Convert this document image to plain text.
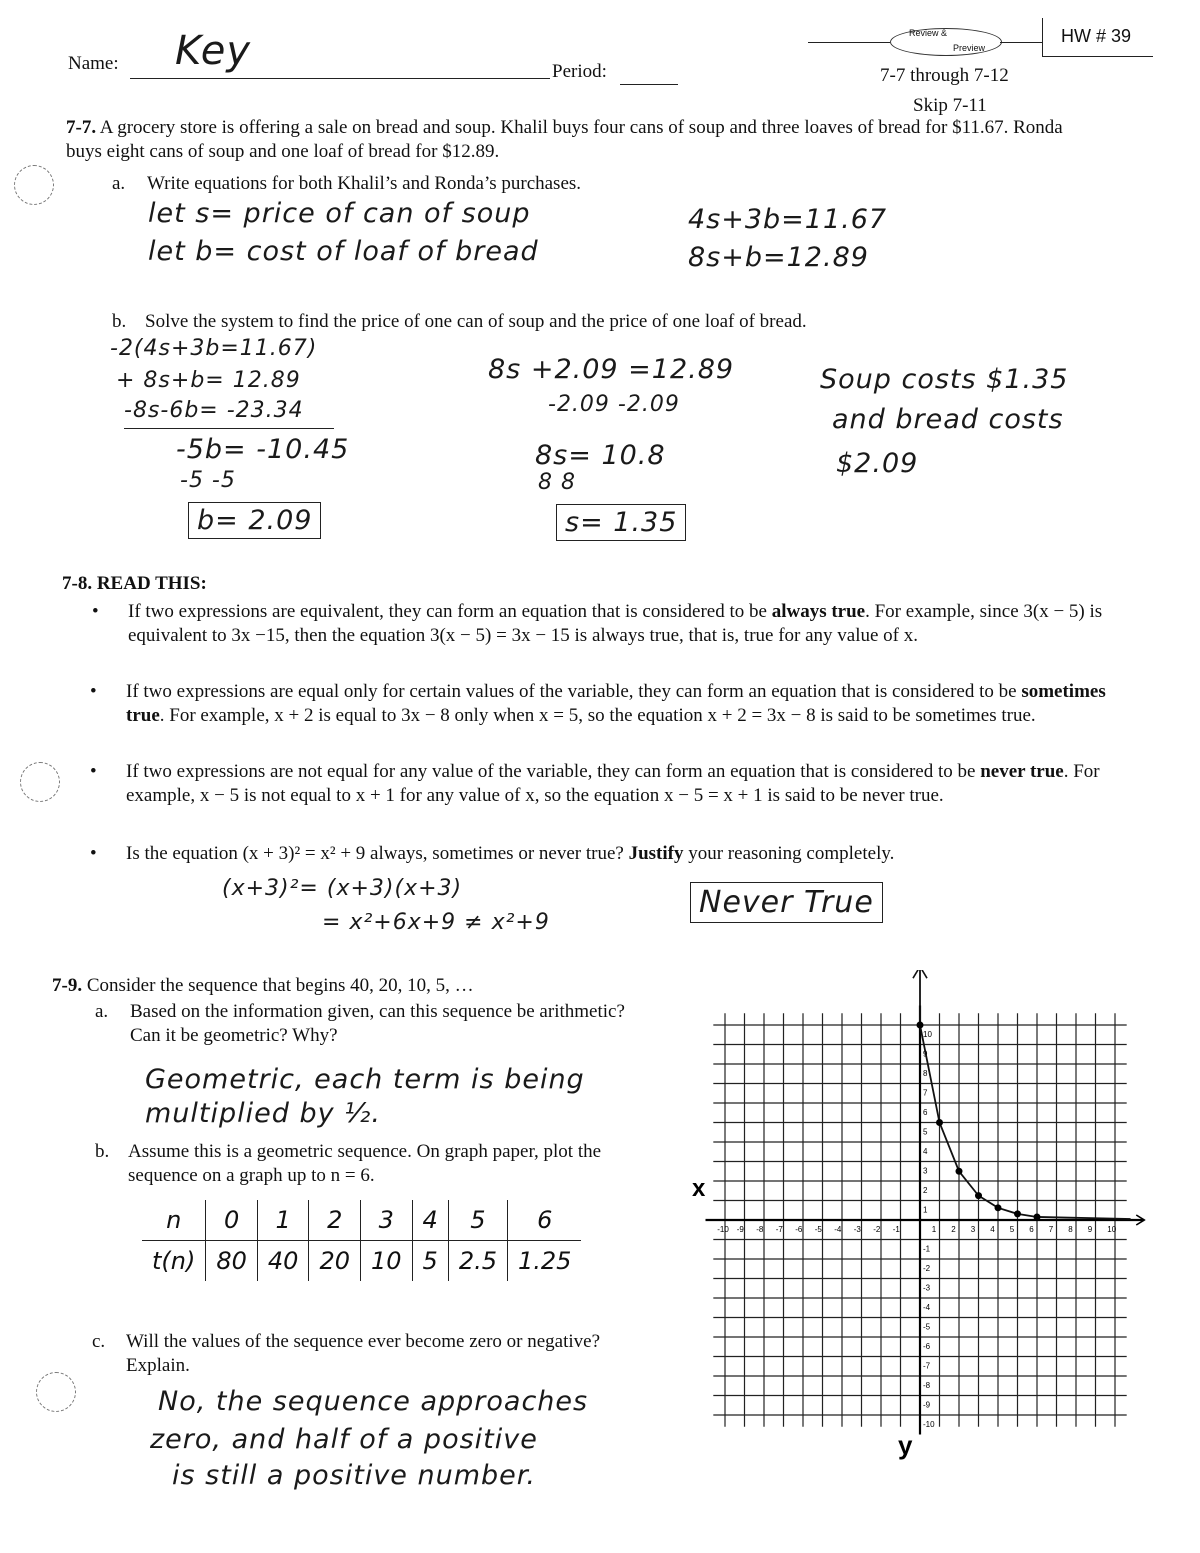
Name: Key	Period:
Review &
Preview
HW # 39
7-7 through 7-12
Skip 7-11
7-7. A grocery store is offering a sale on bread and soup. Khalil buys four cans of soup and three loaves of bread for $11.67. Ronda buys eight cans of soup and one loaf of bread for $12.89.
a. Write equations for both Khalil’s and Ronda’s purchases.
let s= price of can of soup
let b= cost of loaf of bread
4s+3b=11.67
8s+b=12.89
b. Solve the system to find the price of one can of soup and the price of one loaf of bread.
-2(4s+3b=11.67)
+ 8s+b= 12.89
-8s-6b= -23.34
-5b= -10.45
-5 -5
b= 2.09
8s +2.09 =12.89
-2.09 -2.09
8s= 10.8
8 8
s= 1.35
Soup costs $1.35
and bread costs
$2.09
7-8. READ THIS:
• If two expressions are equivalent, they can form an equation that is considered to be always true. For example, since 3(x − 5) is equivalent to 3x −15, then the equation 3(x − 5) = 3x − 15 is always true, that is, true for any value of x.
• If two expressions are equal only for certain values of the variable, they can form an equation that is considered to be sometimes true. For example, x + 2 is equal to 3x − 8 only when x = 5, so the equation x + 2 = 3x − 8 is said to be sometimes true.
• If two expressions are not equal for any value of the variable, they can form an equation that is considered to be never true. For example, x − 5 is not equal to x + 1 for any value of x, so the equation x − 5 = x + 1 is said to be never true.
• Is the equation (x + 3)² = x² + 9 always, sometimes or never true? Justify your reasoning completely.
(x+3)²= (x+3)(x+3)
= x²+6x+9 ≠ x²+9
Never True
7-9. Consider the sequence that begins 40, 20, 10, 5, …
a. Based on the information given, can this sequence be arithmetic? Can it be geometric? Why?
Geometric, each term is being
multiplied by ½.
b. Assume this is a geometric sequence. On graph paper, plot the sequence on a graph up to n = 6.
n	0	1	2	3	4	5	6
t(n)	80	40	20	10	5	2.5	1.25
c. Will the values of the sequence ever become zero or negative? Explain.
No, the sequence approaches
zero, and half of a positive
is still a positive number.
x
y
-10 -9 -8 -7 -6 -5 -4 -3 -2 -1	1 2 3 4 5 6 7 8 9 10
10
9
8
7
6
5
4
3
2
1
-1
-2
-3
-4
-5
-6
-7
-8
-9
-10
